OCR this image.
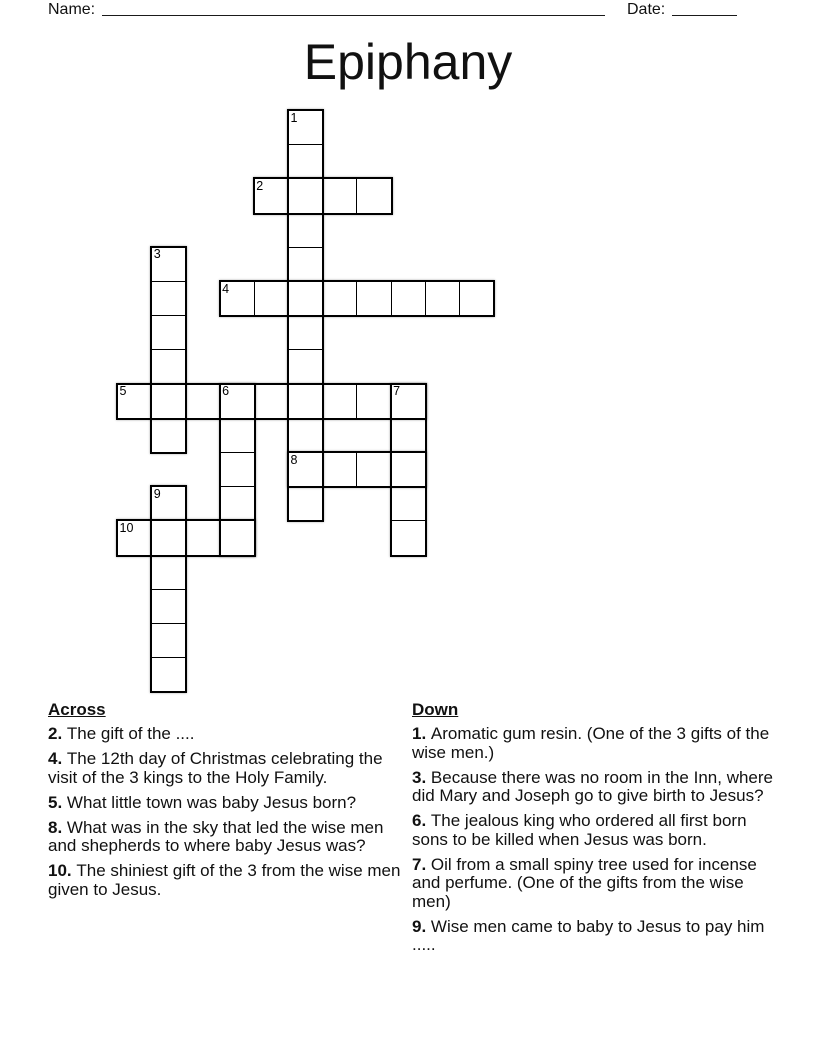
Name:	Date:
Epiphany
1
2
3
4
5	6	7
8
9
10
Across

2. The gift of the ....

4. The 12th day of Christmas celebrating the visit of the 3 kings to the Holy Family.

5. What little town was baby Jesus born?

8. What was in the sky that led the wise men and shepherds to where baby Jesus was?

10. The shiniest gift of the 3 from the wise men given to Jesus.

Down

1. Aromatic gum resin. (One of the 3 gifts of the wise men.)

3. Because there was no room in the Inn, where did Mary and Joseph go to give birth to Jesus?

6. The jealous king who ordered all first born sons to be killed when Jesus was born.

7. Oil from a small spiny tree used for incense and perfume. (One of the gifts from the wise men)

9. Wise men came to baby to Jesus to pay him .....
